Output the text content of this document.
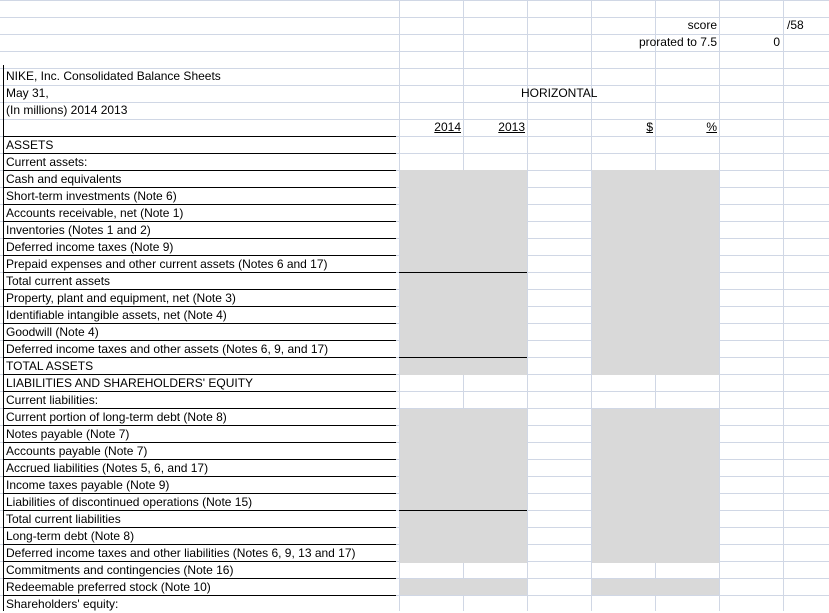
score	/58
prorated to 7.5	0
NIKE, Inc. Consolidated Balance Sheets
May 31,
(In millions) 2014 2013
HORIZONTAL
2014	2013	$	%
ASSETS
Current assets:
Cash and equivalents
Short-term investments (Note 6)
Accounts receivable, net (Note 1)
Inventories (Notes 1 and 2)
Deferred income taxes (Note 9)
Prepaid expenses and other current assets (Notes 6 and 17)
Total current assets
Property, plant and equipment, net (Note 3)
Identifiable intangible assets, net (Note 4)
Goodwill (Note 4)
Deferred income taxes and other assets (Notes 6, 9, and 17)
TOTAL ASSETS
LIABILITIES AND SHAREHOLDERS' EQUITY
Current liabilities:
Current portion of long-term debt (Note 8)
Notes payable (Note 7)
Accounts payable (Note 7)
Accrued liabilities (Notes 5, 6, and 17)
Income taxes payable (Note 9)
Liabilities of discontinued operations (Note 15)
Total current liabilities
Long-term debt (Note 8)
Deferred income taxes and other liabilities (Notes 6, 9, 13 and 17)
Commitments and contingencies (Note 16)
Redeemable preferred stock (Note 10)
Shareholders' equity:
